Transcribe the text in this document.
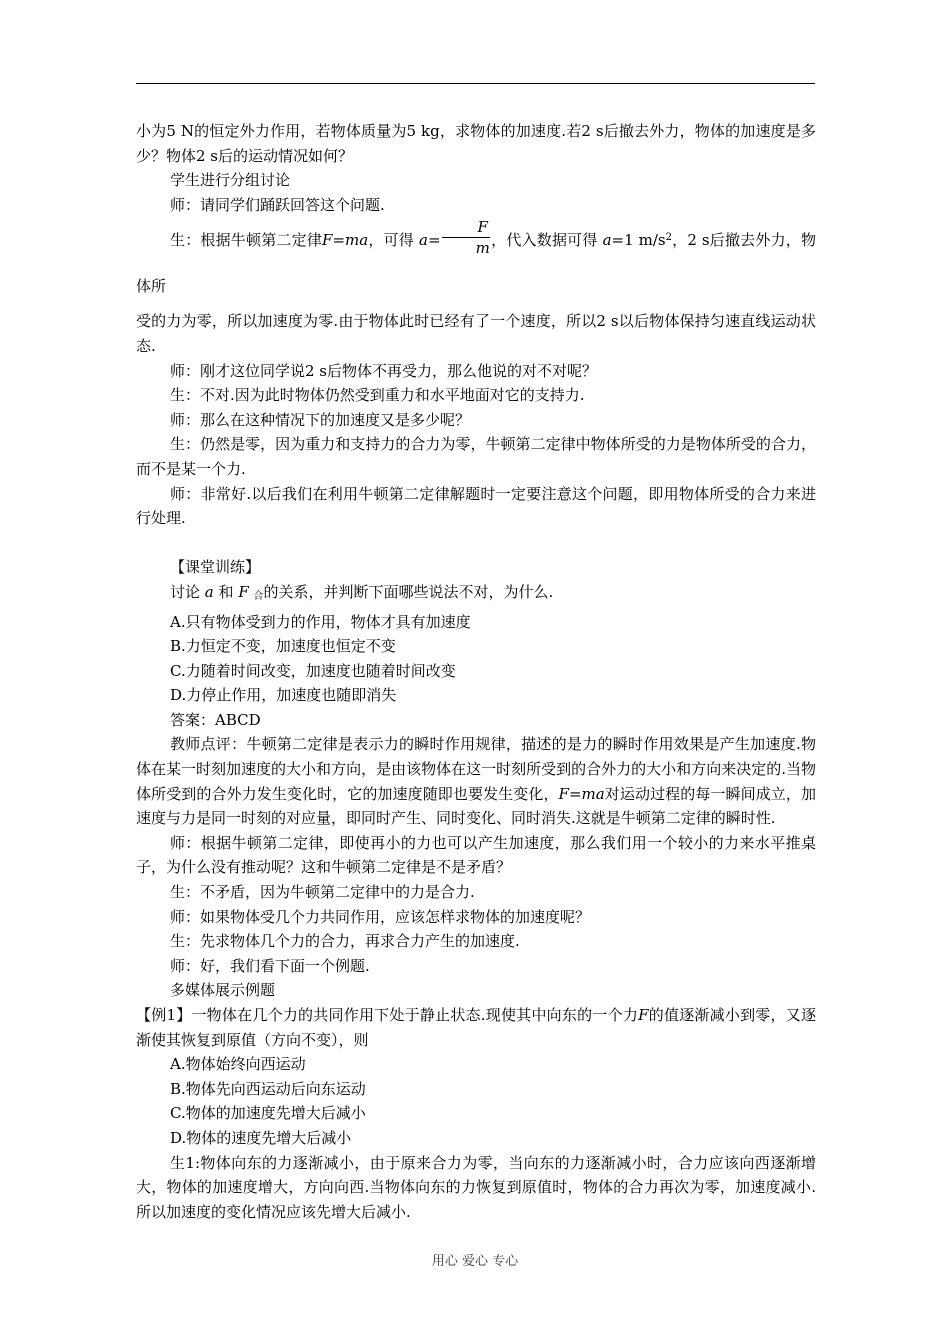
小为5 N的恒定外力作用，若物体质量为5 kg，求物体的加速度.若2 s后撤去外力，物体的加速度是多少？物体2 s后的运动情况如何？

学生进行分组讨论

师：请同学们踊跃回答这个问题.

生：根据牛顿第二定律F=ma，可得 $a= \frac{F}{m}$ ，代入数据可得 a=1 $m/s^2$，2 s后撤去外力，物体所

受的力为零，所以加速度为零.由于物体此时已经有了一个速度，所以2 s以后物体保持匀速直线运动状态.

师：刚才这位同学说2 s后物体不再受力，那么他说的对不对呢？

生：不对.因为此时物体仍然受到重力和水平地面对它的支持力.

师：那么在这种情况下的加速度又是多少呢？

生：仍然是零，因为重力和支持力的合力为零，牛顿第二定律中物体所受的力是物体所受的合力，而不是某一个力.

师：非常好.以后我们在利用牛顿第二定律解题时一定要注意这个问题，即用物体所受的合力来进行处理.

【课堂训练】

讨论 a 和 F $_合$的关系，并判断下面哪些说法不对，为什么.

A.只有物体受到力的作用，物体才具有加速度

B.力恒定不变，加速度也恒定不变

C.力随着时间改变，加速度也随着时间改变

D.力停止作用，加速度也随即消失

答案：ABCD

教师点评：牛顿第二定律是表示力的瞬时作用规律，描述的是力的瞬时作用效果是产生加速度.物体在某一时刻加速度的大小和方向，是由该物体在这一时刻所受到的合外力的大小和方向来决定的.当物体所受到的合外力发生变化时，它的加速度随即也要发生变化，F=ma对运动过程的每一瞬间成立，加速度与力是同一时刻的对应量，即同时产生、同时变化、同时消失.这就是牛顿第二定律的瞬时性.

师：根据牛顿第二定律，即使再小的力也可以产生加速度，那么我们用一个较小的力来水平推桌子，为什么没有推动呢？这和牛顿第二定律是不是矛盾？

生：不矛盾，因为牛顿第二定律中的力是合力.

师：如果物体受几个力共同作用，应该怎样求物体的加速度呢？

生：先求物体几个力的合力，再求合力产生的加速度.

师：好，我们看下面一个例题.

多媒体展示例题

【例1】一物体在几个力的共同作用下处于静止状态.现使其中向东的一个力F的值逐渐减小到零，又逐渐使其恢复到原值（方向不变），则

A.物体始终向西运动

B.物体先向西运动后向东运动

C.物体的加速度先增大后减小

D.物体的速度先增大后减小

生1:物体向东的力逐渐减小，由于原来合力为零，当向东的力逐渐减小时，合力应该向西逐渐增大，物体的加速度增大，方向向西.当物体向东的力恢复到原值时，物体的合力再次为零，加速度减小.所以加速度的变化情况应该先增大后减小.

用心 爱心 专心
